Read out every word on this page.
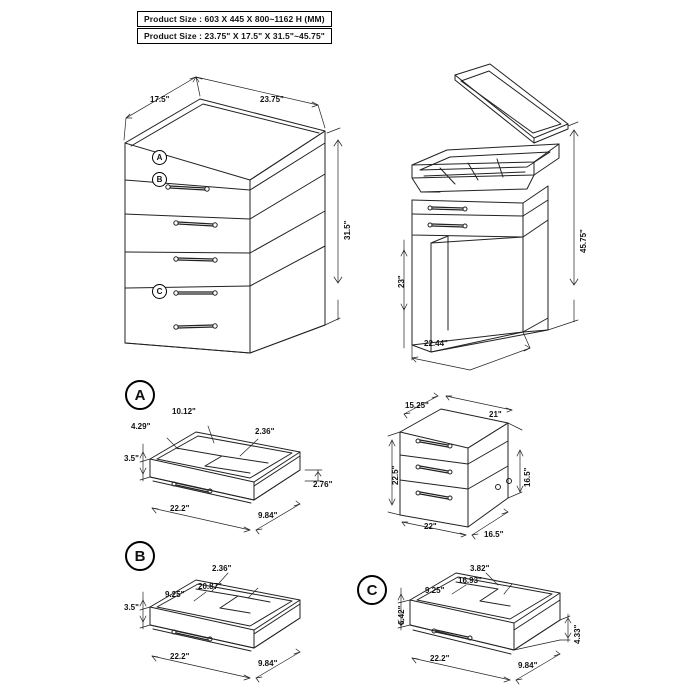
Product Size : 603 X 445 X 800~1162 H (MM)
Product Size : 23.75" X 17.5" X 31.5"~45.75"
A
B
C
A
B
C
17.5"	23.75"
31.5"	45.75"
23"
22.44"
4.29"
10.12"
2.36"
3.5"
2.76"
22.2"
9.84"
15.25"
21"
22.5"	16.5"
22"
16.5"
2.36"
9.25"
20.87"
3.5"
22.2"
9.84"
3.82"
9.25"
16.93"
6.42"
4.33"
22.2"
9.84"
